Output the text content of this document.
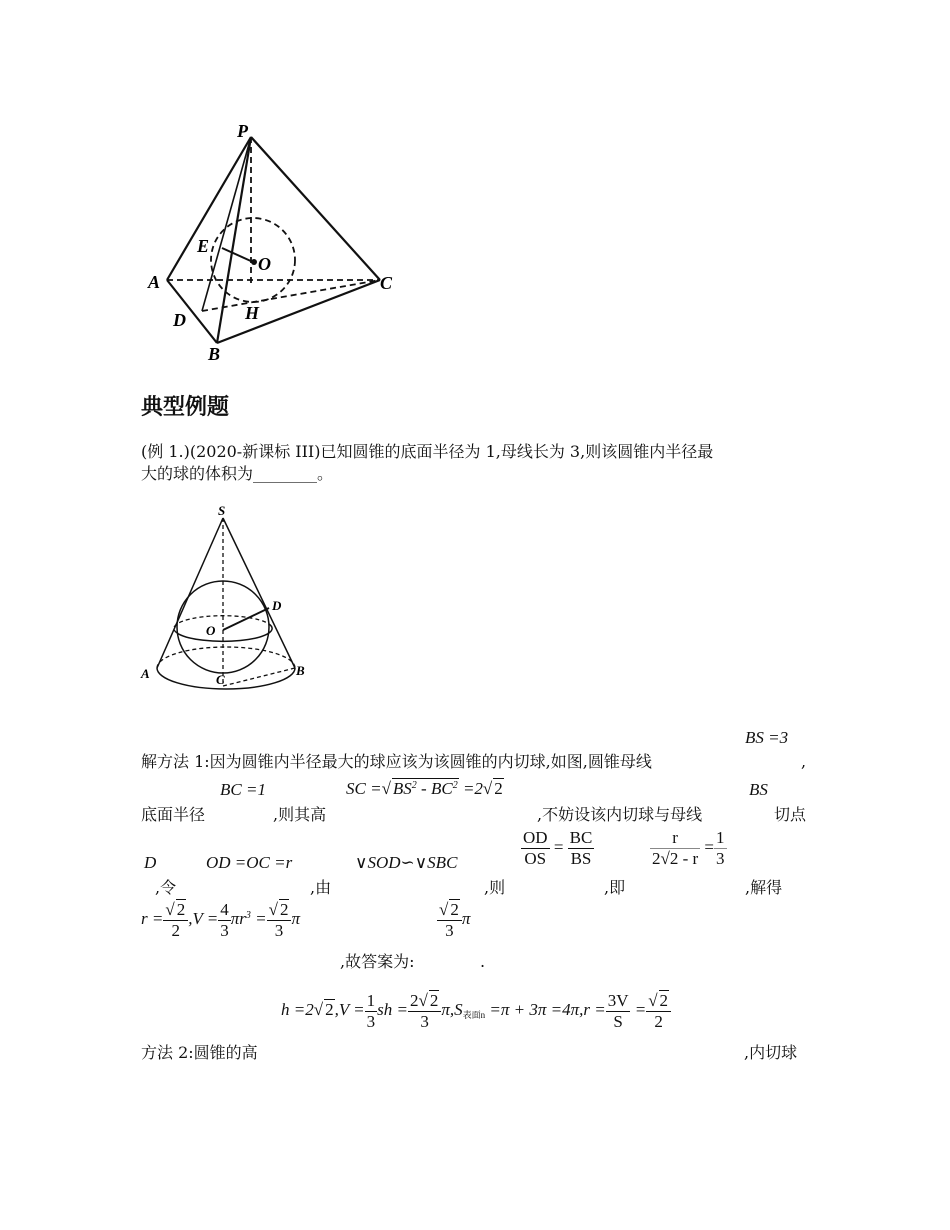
P
E
O
A	C
D	H
B
典型例题
(例 1.)(2020-新课标 III)已知圆锥的底面半径为 1,母线长为 3,则该圆锥内半径最
大的球的体积为________。
S
D
O
A	C
B
BS =3
解方法 1:因为圆锥内半径最大的球应该为该圆锥的内切球,如图,圆锥母线	,
BC =1	SC =√ $BS^2 - BC^2 =2√$ 2	BS
底面半径	,则其高	,不妨设该内切球与母线	切点
D	OD =OC =r	∨SOD∽∨SBC	$\frac{OD}{OS} = \frac{BC}{BS}$	$\frac{r}{2√2 - r} = \frac{1}{3}$
,令	,由	,则	,即	,解得
$r = \frac{√ 2}{2} ,V = \frac{4}{3} \pi r^3 = \frac{√ 2}{3}$ π	$\frac{√ 2}{3}$ π
,故答案为:	.
h =2√ $2,V = \frac{1}{3}$ sh = $\frac{2√ 2}{3} \pi,S_{表面n} =\pi + 3\pi =4\pi,r = \frac{3V}{S} = \frac{√ 2}{2}$
方法 2:圆锥的高	,内切球
